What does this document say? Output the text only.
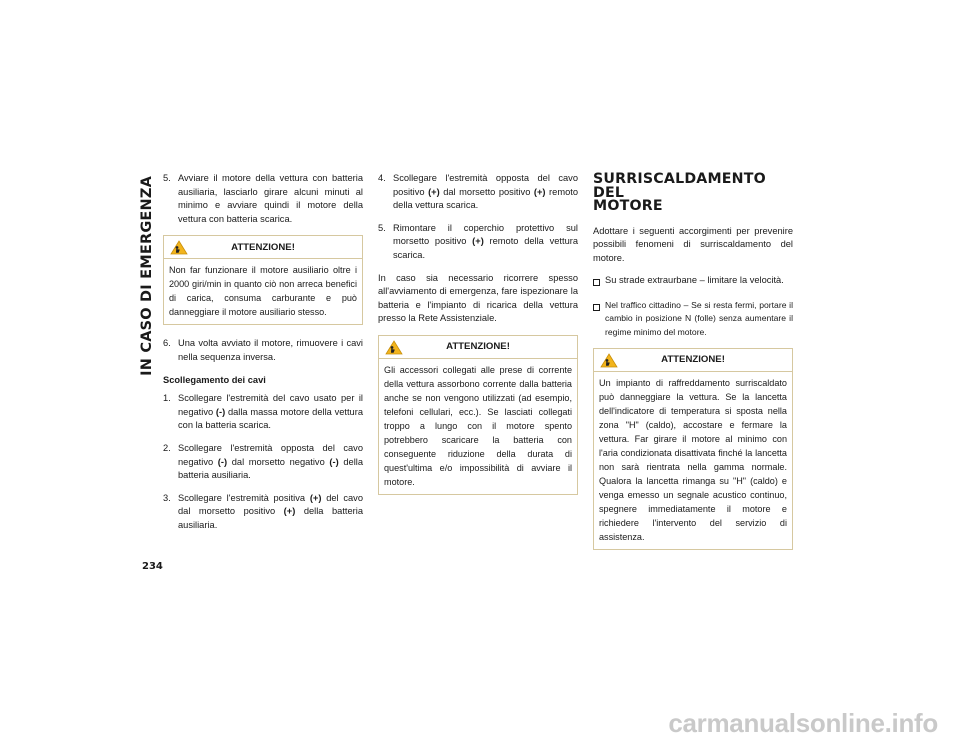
IN CASO DI EMERGENZA
234
5. Avviare il motore della vettura con batteria ausiliaria, lasciarlo girare alcuni minuti al minimo e avviare quindi il motore della vettura con batteria scarica.
ATTENZIONE!
Non far funzionare il motore ausiliario oltre i 2000 giri/min in quanto ciò non arreca benefici di carica, consuma carburante e può danneggiare il motore ausiliario stesso.
6. Una volta avviato il motore, rimuovere i cavi nella sequenza inversa.
Scollegamento dei cavi
1. Scollegare l'estremità del cavo usato per il negativo (-) dalla massa motore della vettura con la batteria scarica.
2. Scollegare l'estremità opposta del cavo negativo (-) dal morsetto negativo (-) della batteria ausiliaria.
3. Scollegare l'estremità positiva (+) del cavo dal morsetto positivo (+) della batteria ausiliaria.
4. Scollegare l'estremità opposta del cavo positivo (+) dal morsetto positivo (+) remoto della vettura scarica.
5. Rimontare il coperchio protettivo sul morsetto positivo (+) remoto della vettura scarica.
In caso sia necessario ricorrere spesso all'avviamento di emergenza, fare ispezionare la batteria e l'impianto di ricarica della vettura presso la Rete Assistenziale.
ATTENZIONE!
Gli accessori collegati alle prese di corrente della vettura assorbono corrente dalla batteria anche se non vengono utilizzati (ad esempio, telefoni cellulari, ecc.). Se lasciati collegati troppo a lungo con il motore spento potrebbero scaricare la batteria con conseguente riduzione della durata di quest'ultima e/o impossibilità di avviare il motore.
SURRISCALDAMENTO DEL
MOTORE
Adottare i seguenti accorgimenti per prevenire possibili fenomeni di surriscaldamento del motore.
Su strade extraurbane – limitare la velocità.
Nel traffico cittadino – Se si resta fermi, portare il cambio in posizione N (folle) senza aumentare il regime minimo del motore.
ATTENZIONE!
Un impianto di raffreddamento surriscaldato può danneggiare la vettura. Se la lancetta dell'indicatore di temperatura si sposta nella zona "H" (caldo), accostare e fermare la vettura. Far girare il motore al minimo con l'aria condizionata disattivata finché la lancetta non sarà rientrata nella gamma normale. Qualora la lancetta rimanga su "H" (caldo) e venga emesso un segnale acustico continuo, spegnere immediatamente il motore e richiedere l'intervento del servizio di assistenza.
carmanualsonline.info
